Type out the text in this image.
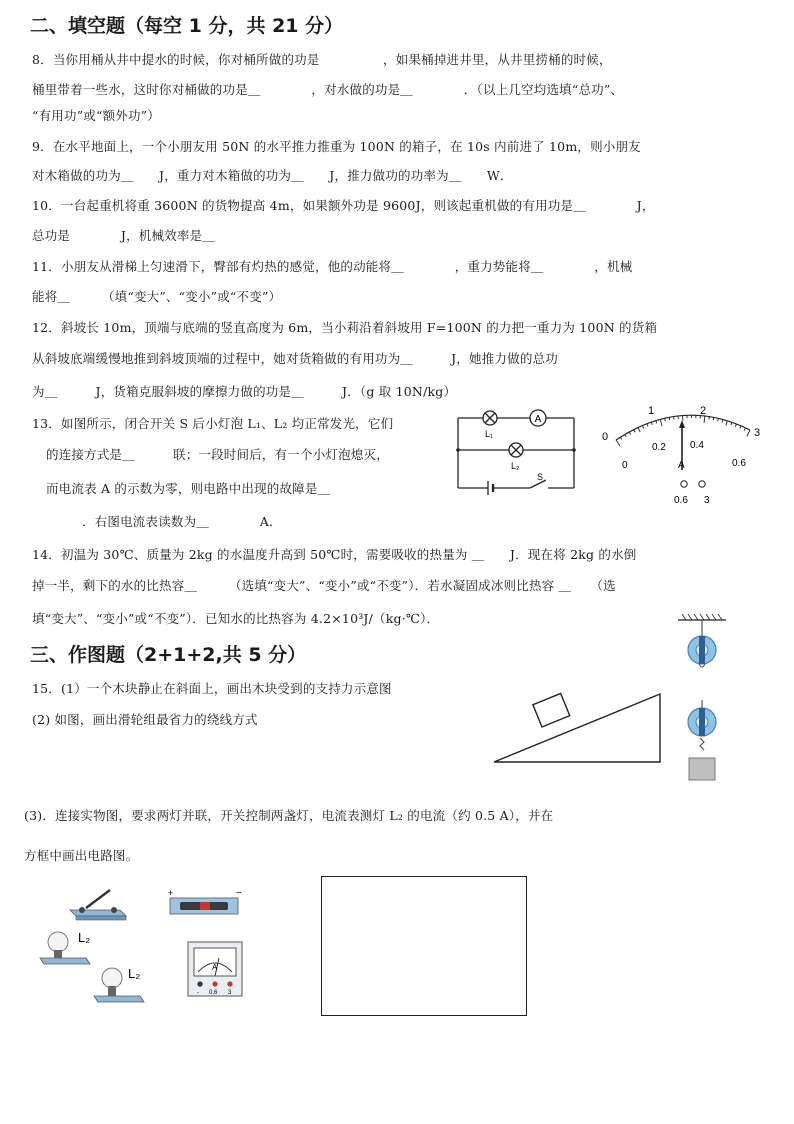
二、填空题（每空 1 分，共 21 分）
8．当你用桶从井中提水的时候，你对桶所做的功是　　　　　，如果桶掉进井里，从井里捞桶的时候，
桶里带着一些水，这时你对桶做的功是＿　　　　，对水做的功是＿　　　　．（以上几空均选填“总功”、
“有用功”或“额外功”）
9．在水平地面上，一个小朋友用 50N 的水平推力推重为 100N 的箱子，在 10s 内前进了 10m，则小朋友
对木箱做的功为＿　　J，重力对木箱做的功为＿　　J，推力做功的功率为＿　　W．
10．一台起重机将重 3600N 的货物提高 4m，如果额外功是 9600J，则该起重机做的有用功是＿　　　　J，
总功是　　　　J，机械效率是＿
11．小朋友从滑梯上匀速滑下，臀部有灼热的感觉，他的动能将＿　　　　，重力势能将＿　　　　，机械
能将＿　　　（填“变大”、“变小”或“不变”）
12．斜坡长 10m，顶端与底端的竖直高度为 6m，当小莉沿着斜坡用 F=100N 的力把一重力为 100N 的货箱
从斜坡底端缓慢地推到斜坡顶端的过程中，她对货箱做的有用功为＿　　　J，她推力做的总功
为＿　　　J，货箱克服斜坡的摩擦力做的功是＿　　　J．（g 取 10N/kg）
13．如图所示，闭合开关 S 后小灯泡 L₁、L₂ 均正常发光，它们
的连接方式是＿　　　联；一段时间后，有一个小灯泡熄灭，
而电流表 A 的示数为零，则电路中出现的故障是＿
．右图电流表读数为＿　　　　A．
A
L₁
L₂
S
0
1	2
3
0
0.2 0.4
0.6
A
0.6 3
14．初温为 30℃、质量为 2kg 的水温度升高到 50℃时，需要吸收的热量为 ＿　　J．现在将 2kg 的水倒
掉一半，剩下的水的比热容＿　　　（选填“变大”、“变小”或“不变”）．若水凝固成冰则比热容 ＿　　（选
填“变大”、“变小”或“不变”）．已知水的比热容为 4.2×10³J/（kg·℃）．
三、作图题（2+1+2,共 5 分）
15．(1）一个木块静止在斜面上，画出木块受到的支持力示意图
(2) 如图，画出滑轮组最省力的绕线方式
(3)．连接实物图，要求两灯并联，开关控制两盏灯，电流表测灯 L₂ 的电流（约 0.5 A），并在
方框中画出电路图。
+	−
L₂
L₂	A
- 0.6 3
